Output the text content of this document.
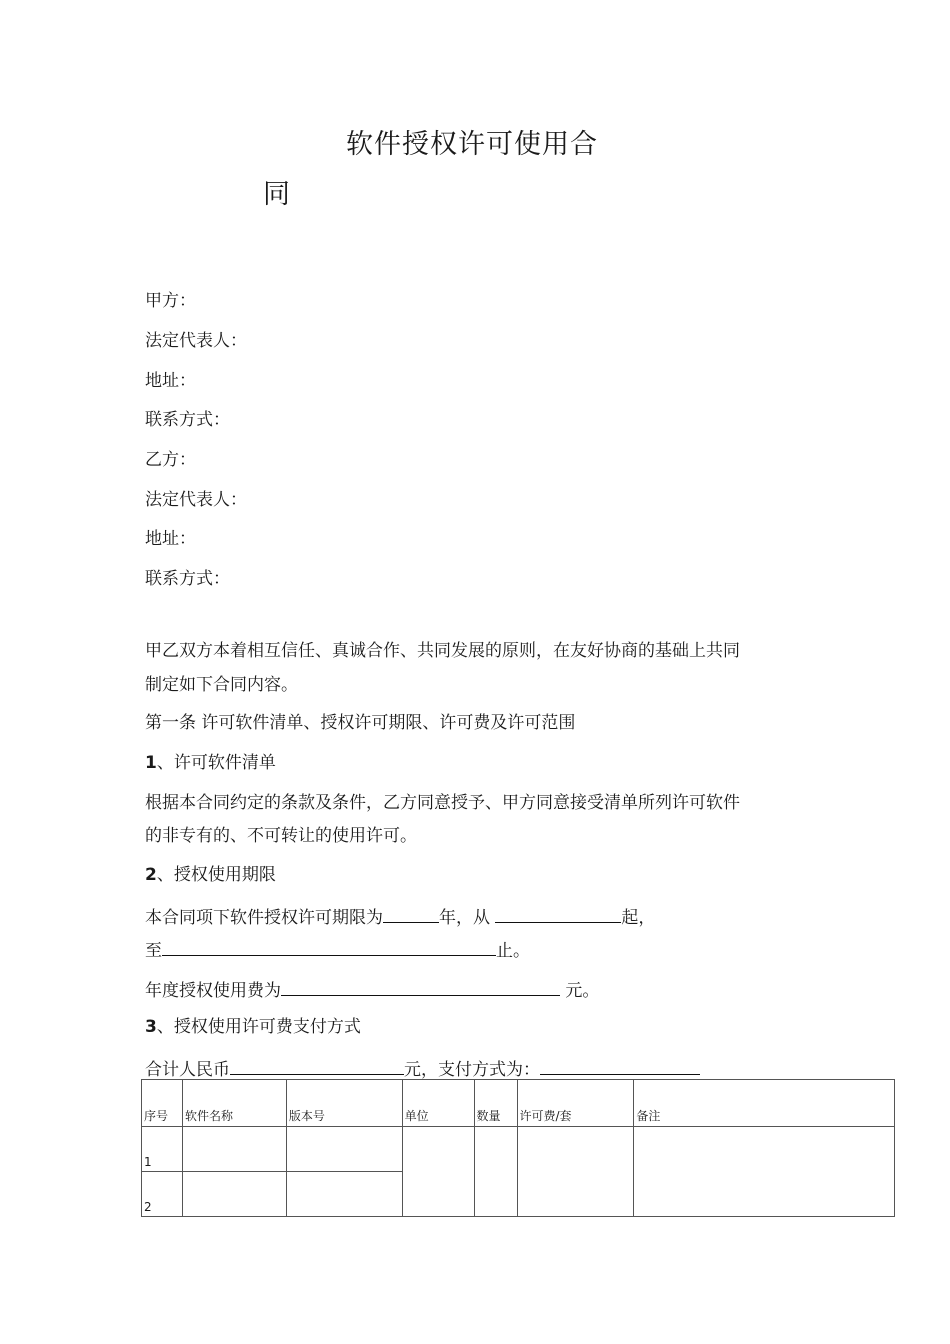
软件授权许可使用合
同
甲方：
法定代表人：
地址：
联系方式：
乙方：
法定代表人：
地址：
联系方式：
甲乙双方本着相互信任、真诚合作、共同发展的原则，在友好协商的基础上共同
制定如下合同内容。
第一条 许可软件清单、授权许可期限、许可费及许可范围
1、许可软件清单
根据本合同约定的条款及条件，乙方同意授予、甲方同意接受清单所列许可软件
的非专有的、不可转让的使用许可。
2、授权使用期限
本合同项下软件授权许可期限为	年，从	起，
至	止。
年度授权使用费为	元。
3、授权使用许可费支付方式
合计人民币	元，支付方式为：
序号	软件名称	版本号	单位	数量	许可费/套	备注
1						
2						
